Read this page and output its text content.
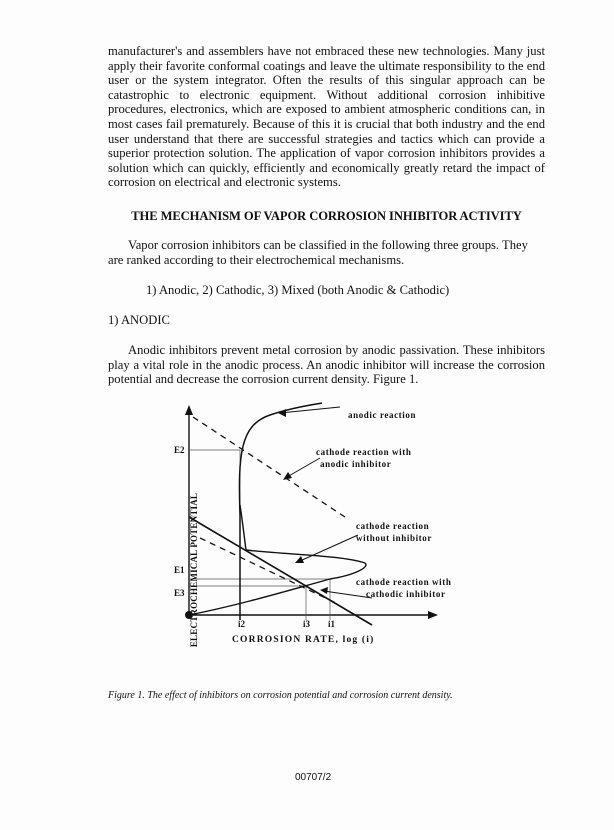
manufacturer's and assemblers have not embraced these new technologies. Many just apply their favorite conformal coatings and leave the ultimate responsibility to the end user or the system integrator. Often the results of this singular approach can be catastrophic to electronic equipment. Without additional corrosion inhibitive procedures, electronics, which are exposed to ambient atmospheric conditions can, in most cases fail prematurely. Because of this it is crucial that both industry and the end user understand that there are successful strategies and tactics which can provide a superior protection solution. The application of vapor corrosion inhibitors provides a solution which can quickly, efficiently and economically greatly retard the impact of corrosion on electrical and electronic systems.
THE MECHANISM OF VAPOR CORROSION INHIBITOR ACTIVITY
Vapor corrosion inhibitors can be classified in the following three groups. They are ranked according to their electrochemical mechanisms.
1) Anodic, 2) Cathodic, 3) Mixed (both Anodic & Cathodic)
1) ANODIC
Anodic inhibitors prevent metal corrosion by anodic passivation. These inhibitors play a vital role in the anodic process. An anodic inhibitor will increase the corrosion potential and decrease the corrosion current density. Figure 1.
ELECTROCHEMICAL POTENTIAL
E2
E1
E3
i2	i3 i1
anodic reaction
cathode reaction with
anodic inhibitor
cathode reaction
without inhibitor
cathode reaction with
cathodic inhibitor
CORROSION RATE, log (i)
Figure 1. The effect of inhibitors on corrosion potential and corrosion current density.
00707/2
